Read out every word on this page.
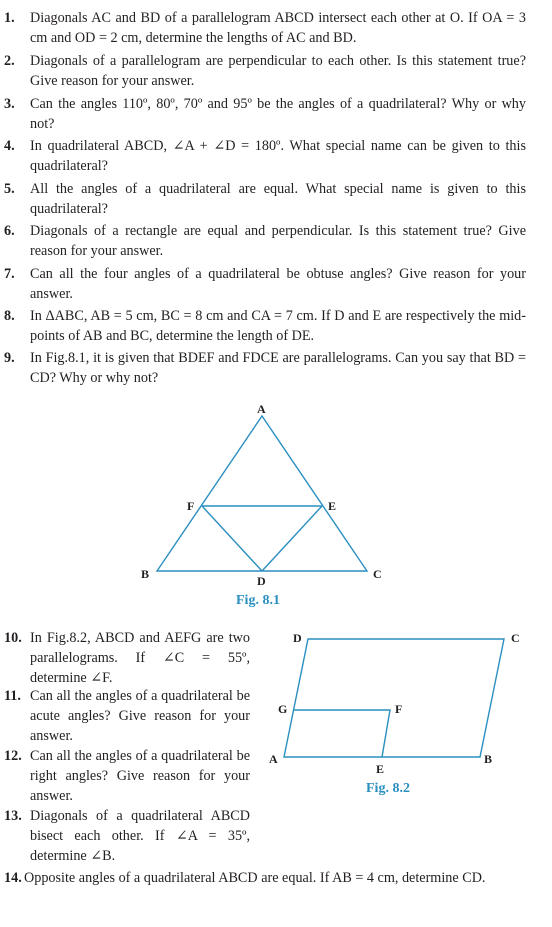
1. Diagonals AC and BD of a parallelogram ABCD intersect each other at O. If OA = 3 cm and OD = 2 cm, determine the lengths of AC and BD.
2. Diagonals of a parallelogram are perpendicular to each other. Is this statement true? Give reason for your answer.
3. Can the angles 110º, 80º, 70º and 95º be the angles of a quadrilateral? Why or why not?
4. In quadrilateral ABCD, ∠A + ∠D = 180º. What special name can be given to this quadrilateral?
5. All the angles of a quadrilateral are equal. What special name is given to this quadrilateral?
6. Diagonals of a rectangle are equal and perpendicular. Is this statement true? Give reason for your answer.
7. Can all the four angles of a quadrilateral be obtuse angles? Give reason for your answer.
8. In ΔABC, AB = 5 cm, BC = 8 cm and CA = 7 cm. If D and E are respectively the mid-points of AB and BC, determine the length of DE.
9. In Fig.8.1, it is given that BDEF and FDCE are parallelograms. Can you say that BD = CD? Why or why not?
A
B	C
D
E
F
Fig. 8.1
10. In Fig.8.2, ABCD and AEFG are two parallelograms. If ∠C = 55º, determine ∠F.
11. Can all the angles of a quadrilateral be acute angles? Give reason for your answer.
12. Can all the angles of a quadrilateral be right angles? Give reason for your answer.
13. Diagonals of a quadrilateral ABCD bisect each other. If ∠A = 35º, determine ∠B.
D	C
G	F
A	B
E
Fig. 8.2
14. Opposite angles of a quadrilateral ABCD are equal. If AB = 4 cm, determine CD.
